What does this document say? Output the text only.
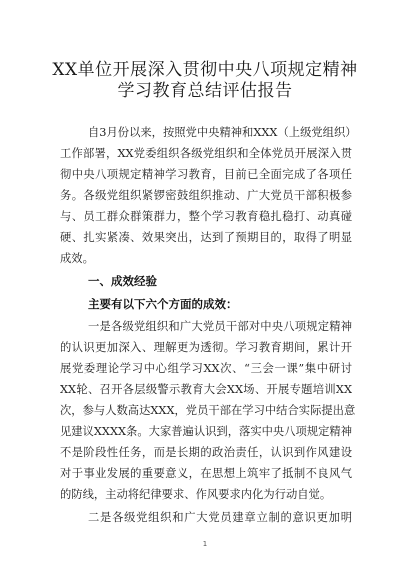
XX单位开展深入贯彻中央八项规定精神
学习教育总结评估报告
自3月份以来，按照党中央精神和XXX（上级党组织）
工作部署，XX党委组织各级党组织和全体党员开展深入贯
彻中央八项规定精神学习教育，目前已全面完成了各项任
务。各级党组织紧锣密鼓组织推动、广大党员干部积极参
与、员工群众群策群力，整个学习教育稳扎稳打、动真碰
硬、扎实紧凑、效果突出，达到了预期目的，取得了明显
成效。
一、成效经验
主要有以下六个方面的成效：
一是各级党组织和广大党员干部对中央八项规定精神
的认识更加深入、理解更为透彻。学习教育期间，累计开
展党委理论学习中心组学习XX次、“三会一课”集中研讨
XX轮、召开各层级警示教育大会XX场、开展专题培训XX
次，参与人数高达XXX，党员干部在学习中结合实际提出意
见建议XXXX条。大家普遍认识到，落实中央八项规定精神
不是阶段性任务，而是长期的政治责任，认识到作风建设
对于事业发展的重要意义，在思想上筑牢了抵制不良风气
的防线，主动将纪律要求、作风要求内化为行动自觉。
二是各级党组织和广大党员建章立制的意识更加明
1
